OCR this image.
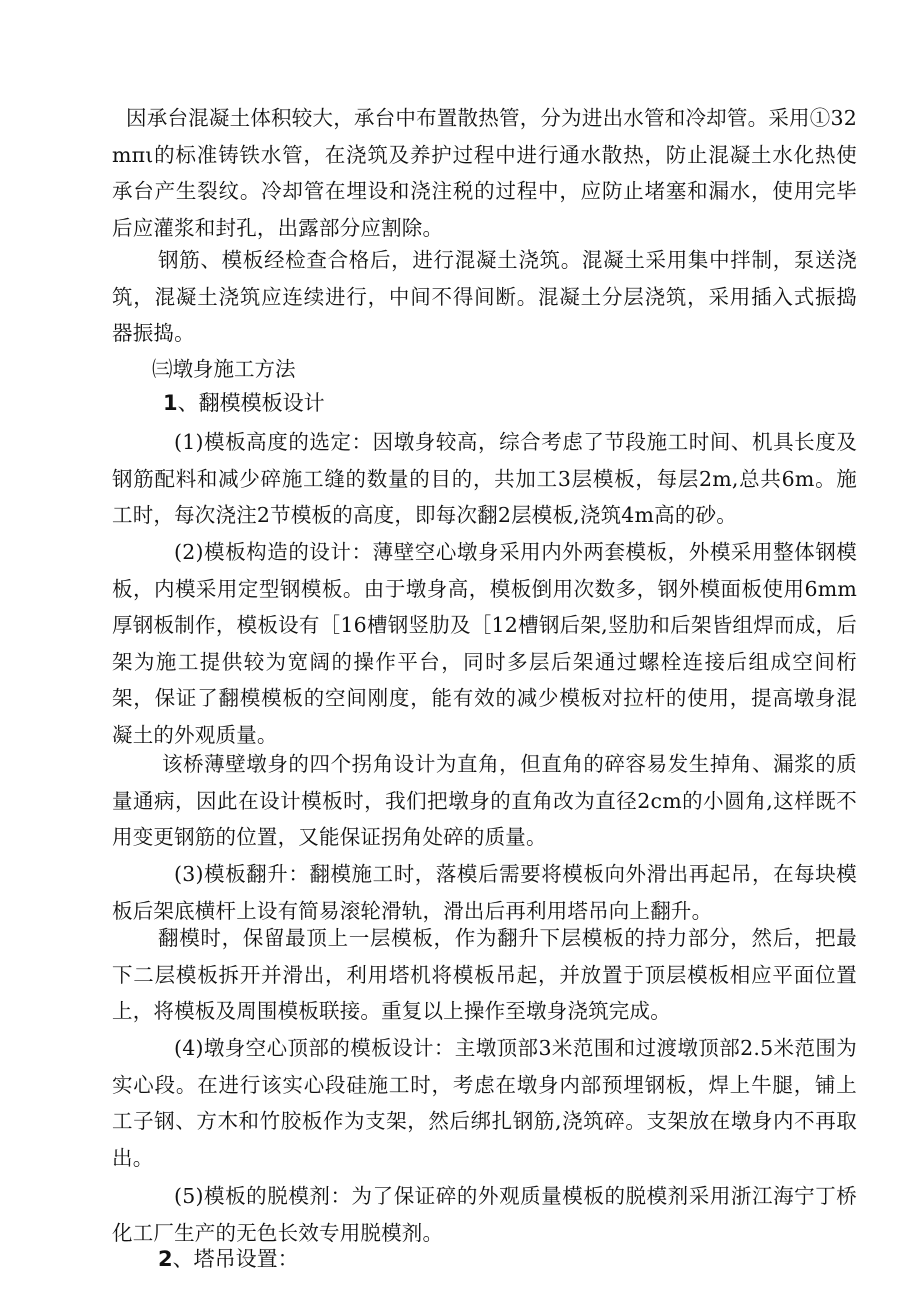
因承台混凝土体积较大，承台中布置散热管，分为进出水管和冷却管。采用①32mπι的标准铸铁水管，在浇筑及养护过程中进行通水散热，防止混凝土水化热使承台产生裂纹。冷却管在埋设和浇注税的过程中，应防止堵塞和漏水，使用完毕后应灌浆和封孔，出露部分应割除。
钢筋、模板经检查合格后，进行混凝土浇筑。混凝土采用集中拌制，泵送浇筑，混凝土浇筑应连续进行，中间不得间断。混凝土分层浇筑，采用插入式振捣器振捣。
㈢墩身施工方法
1、翻模模板设计
(1)模板高度的选定：因墩身较高，综合考虑了节段施工时间、机具长度及钢筋配料和减少碎施工缝的数量的目的，共加工3层模板，每层2m,总共6m。施工时，每次浇注2节模板的高度，即每次翻2层模板,浇筑4m高的砂。
(2)模板构造的设计：薄壁空心墩身采用内外两套模板，外模采用整体钢模板，内模采用定型钢模板。由于墩身高，模板倒用次数多，钢外模面板使用6mm厚钢板制作，模板设有［16槽钢竖肋及［12槽钢后架,竖肋和后架皆组焊而成，后架为施工提供较为宽阔的操作平台，同时多层后架通过螺栓连接后组成空间桁架，保证了翻模模板的空间刚度，能有效的减少模板对拉杆的使用，提高墩身混凝土的外观质量。
该桥薄壁墩身的四个拐角设计为直角，但直角的碎容易发生掉角、漏浆的质量通病，因此在设计模板时，我们把墩身的直角改为直径2cm的小圆角,这样既不用变更钢筋的位置，又能保证拐角处碎的质量。
(3)模板翻升：翻模施工时，落模后需要将模板向外滑出再起吊，在每块模板后架底横杆上设有简易滚轮滑轨，滑出后再利用塔吊向上翻升。
翻模时，保留最顶上一层模板，作为翻升下层模板的持力部分，然后，把最下二层模板拆开并滑出，利用塔机将模板吊起，并放置于顶层模板相应平面位置上，将模板及周围模板联接。重复以上操作至墩身浇筑完成。
(4)墩身空心顶部的模板设计：主墩顶部3米范围和过渡墩顶部2.5米范围为实心段。在进行该实心段硅施工时，考虑在墩身内部预埋钢板，焊上牛腿，铺上工子钢、方木和竹胶板作为支架，然后绑扎钢筋,浇筑碎。支架放在墩身内不再取出。
(5)模板的脱模剂：为了保证碎的外观质量模板的脱模剂采用浙江海宁丁桥化工厂生产的无色长效专用脱模剂。
2、塔吊设置：
